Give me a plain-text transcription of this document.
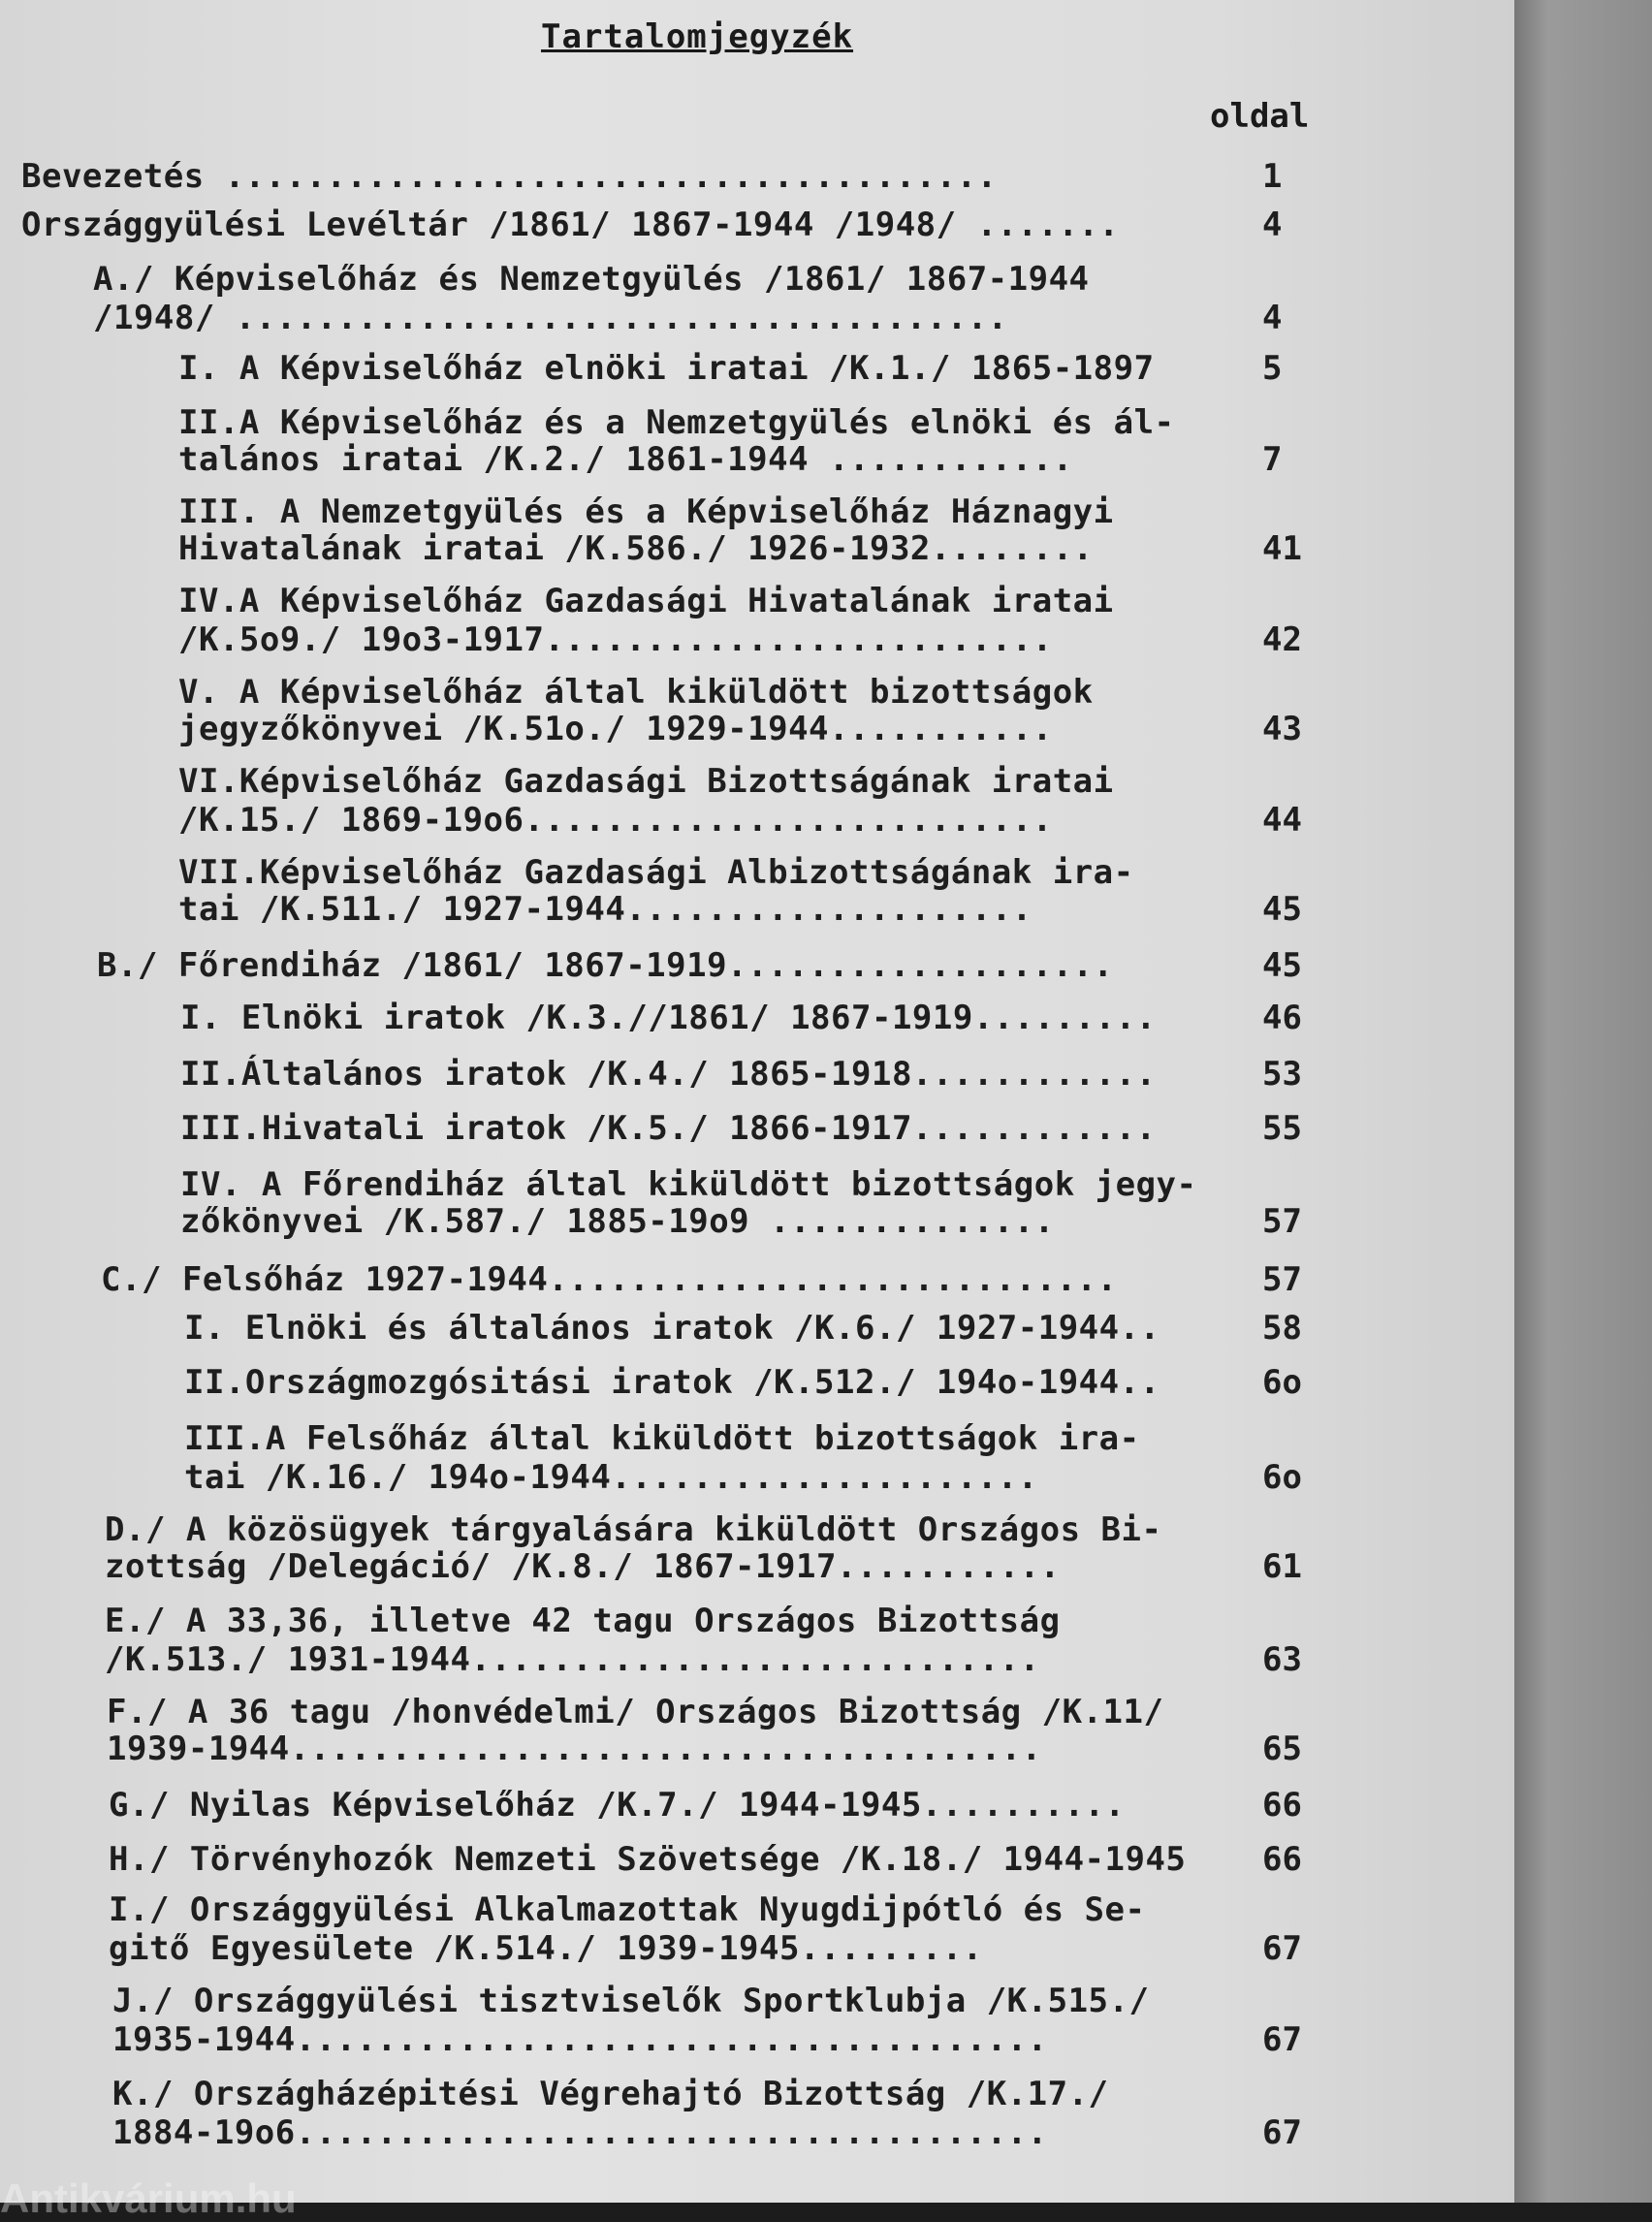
Tartalomjegyzék
oldal
Bevezetés ......................................	1
Országgyülési Levéltár /1861/ 1867-1944 /1948/ .......	4
A./ Képviselőház és Nemzetgyülés /1861/ 1867-1944
/1948/ ......................................	4
I. A Képviselőház elnöki iratai /K.1./ 1865-1897	5
II.A Képviselőház és a Nemzetgyülés elnöki és ál-
talános iratai /K.2./ 1861-1944 ............	7
III. A Nemzetgyülés és a Képviselőház Háznagyi
Hivatalának iratai /K.586./ 1926-1932........	41
IV.A Képviselőház Gazdasági Hivatalának iratai
/K.5o9./ 19o3-1917.........................	42
V. A Képviselőház által kiküldött bizottságok
jegyzőkönyvei /K.51o./ 1929-1944...........	43
VI.Képviselőház Gazdasági Bizottságának iratai
/K.15./ 1869-19o6..........................	44
VII.Képviselőház Gazdasági Albizottságának ira-
tai /K.511./ 1927-1944....................	45
B./ Főrendiház /1861/ 1867-1919...................	45
I. Elnöki iratok /K.3.//1861/ 1867-1919.........	46
II.Általános iratok /K.4./ 1865-1918............	53
III.Hivatali iratok /K.5./ 1866-1917............	55
IV. A Főrendiház által kiküldött bizottságok jegy-
zőkönyvei /K.587./ 1885-19o9 ..............	57
C./ Felsőház 1927-1944............................	57
I. Elnöki és általános iratok /K.6./ 1927-1944..	58
II.Országmozgósitási iratok /K.512./ 194o-1944..	6o
III.A Felsőház által kiküldött bizottságok ira-
tai /K.16./ 194o-1944.....................	6o
D./ A közösügyek tárgyalására kiküldött Országos Bi-
zottság /Delegáció/ /K.8./ 1867-1917...........	61
E./ A 33,36, illetve 42 tagu Országos Bizottság
/K.513./ 1931-1944............................	63
F./ A 36 tagu /honvédelmi/ Országos Bizottság /K.11/
1939-1944.....................................	65
G./ Nyilas Képviselőház /K.7./ 1944-1945..........	66
H./ Törvényhozók Nemzeti Szövetsége /K.18./ 1944-1945 66
I./ Országgyülési Alkalmazottak Nyugdijpótló és Se-
gitő Egyesülete /K.514./ 1939-1945.........	67
J./ Országgyülési tisztviselők Sportklubja /K.515./
1935-1944.....................................	67
K./ Országházépitési Végrehajtó Bizottság /K.17./
1884-19o6.....................................	67
Antikvárium.hu
